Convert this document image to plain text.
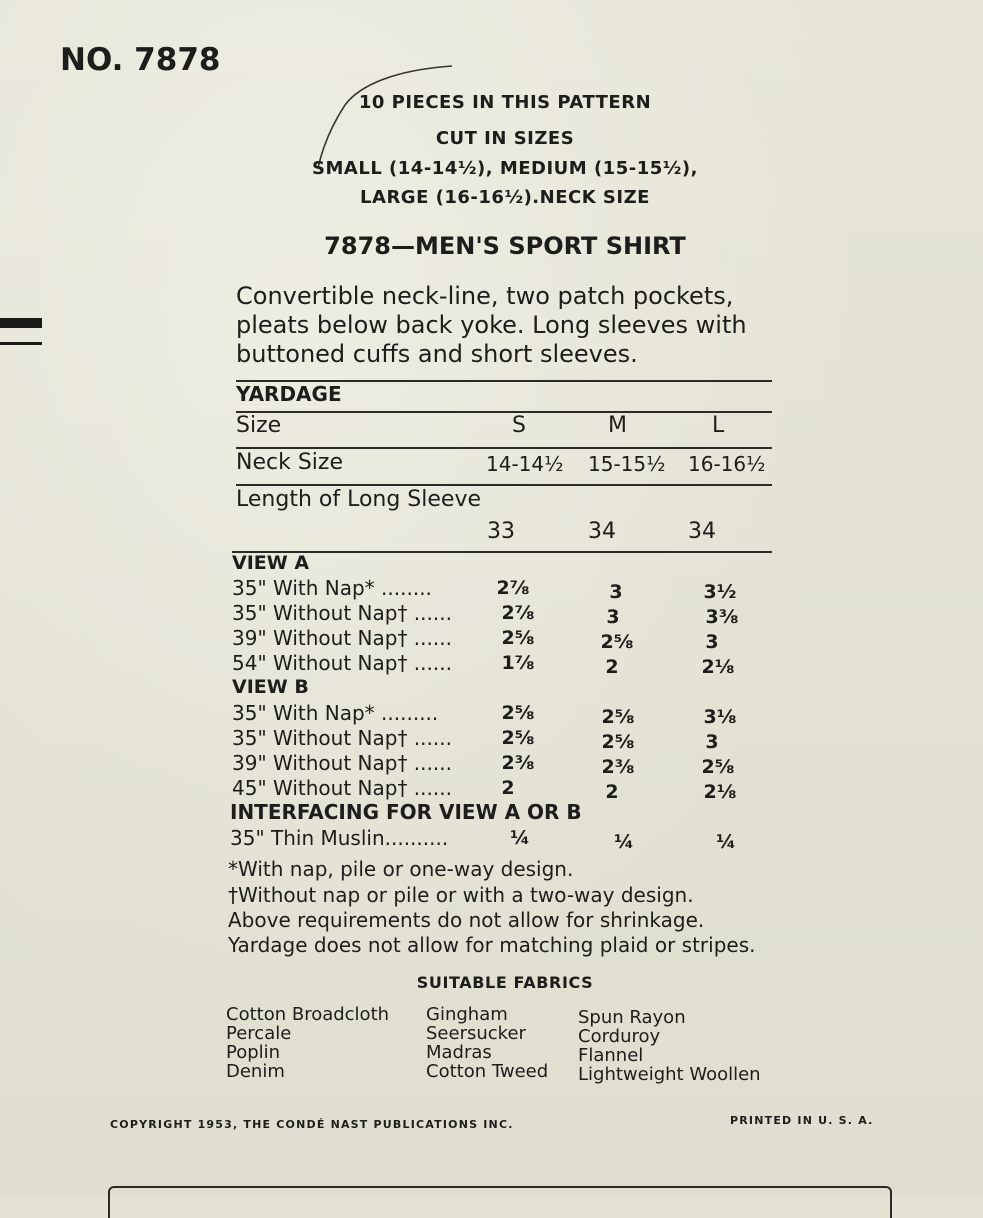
NO. 7878
10 PIECES IN THIS PATTERN
CUT IN SIZES
SMALL (14-14½), MEDIUM (15-15½),
LARGE (16-16½).NECK SIZE
7878—MEN'S SPORT SHIRT
Convertible neck-line, two patch pockets,
pleats below back yoke. Long sleeves with
buttoned cuffs and short sleeves.
YARDAGE
Size	S	M	L
Neck Size	14-14½ 15-15½ 16-16½
Length of Long Sleeve
33	34	34
VIEW A
35" With Nap* ........	2⅞	3	3½
35" Without Nap† ......	2⅞	3	3⅜
39" Without Nap† ......	2⅝	2⅝	3
54" Without Nap† ......	1⅞	2	2⅛
VIEW B
35" With Nap* .........	2⅝	2⅝	3⅛
35" Without Nap† ......	2⅝	2⅝	3
39" Without Nap† ......	2⅜	2⅜	2⅝
45" Without Nap† ......	2	2	2⅛
INTERFACING FOR VIEW A OR B
35" Thin Muslin..........	¼	¼	¼
*With nap, pile or one-way design.
†Without nap or pile or with a two-way design.
Above requirements do not allow for shrinkage.
Yardage does not allow for matching plaid or stripes.
SUITABLE FABRICS
Cotton Broadcloth
Percale
Poplin
Denim
Gingham
Seersucker
Madras
Cotton Tweed
Spun Rayon
Corduroy
Flannel
Lightweight Woollen
COPYRIGHT 1953, THE CONDÉ NAST PUBLICATIONS INC.	PRINTED IN U. S. A.
